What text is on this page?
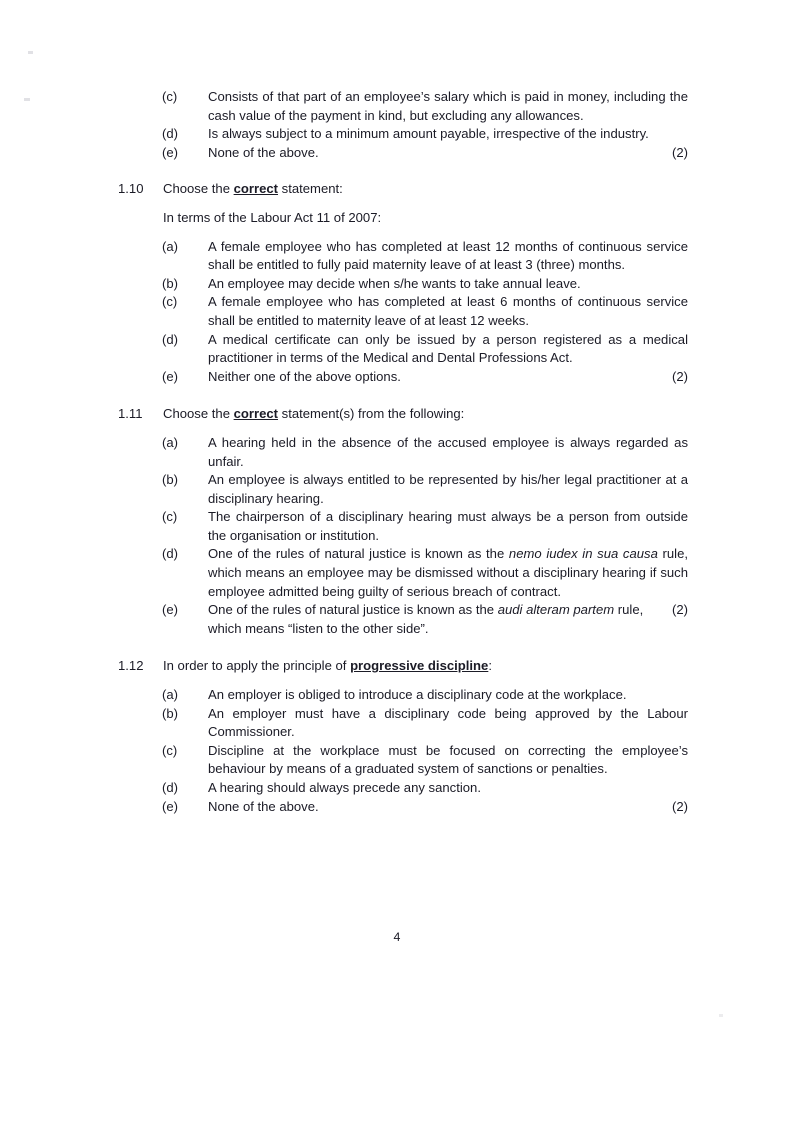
(c)	Consists of that part of an employee’s salary which is paid in money, including the cash value of the payment in kind, but excluding any allowances.
(d)	Is always subject to a minimum amount payable, irrespective of the industry.
(e)	None of the above.	(2)
1.10	Choose the correct statement:
In terms of the Labour Act 11 of 2007:
(a)	A female employee who has completed at least 12 months of continuous service shall be entitled to fully paid maternity leave of at least 3 (three) months.
(b)	An employee may decide when s/he wants to take annual leave.
(c)	A female employee who has completed at least 6 months of continuous service shall be entitled to maternity leave of at least 12 weeks.
(d)	A medical certificate can only be issued by a person registered as a medical practitioner in terms of the Medical and Dental Professions Act.
(e)	Neither one of the above options.	(2)
1.11	Choose the correct statement(s) from the following:
(a)	A hearing held in the absence of the accused employee is always regarded as unfair.
(b)	An employee is always entitled to be represented by his/her legal practitioner at a disciplinary hearing.
(c)	The chairperson of a disciplinary hearing must always be a person from outside the organisation or institution.
(d)	One of the rules of natural justice is known as the nemo iudex in sua causa rule, which means an employee may be dismissed without a disciplinary hearing if such employee admitted being guilty of serious breach of contract.
(e)	One of the rules of natural justice is known as the audi alteram partem rule, which means “listen to the other side”.
(2)
1.12	In order to apply the principle of progressive discipline:
(a)	An employer is obliged to introduce a disciplinary code at the workplace.
(b)	An employer must have a disciplinary code being approved by the Labour Commissioner.
(c)	Discipline at the workplace must be focused on correcting the employee’s behaviour by means of a graduated system of sanctions or penalties.
(d)	A hearing should always precede any sanction.
(e)	None of the above.	(2)
4
